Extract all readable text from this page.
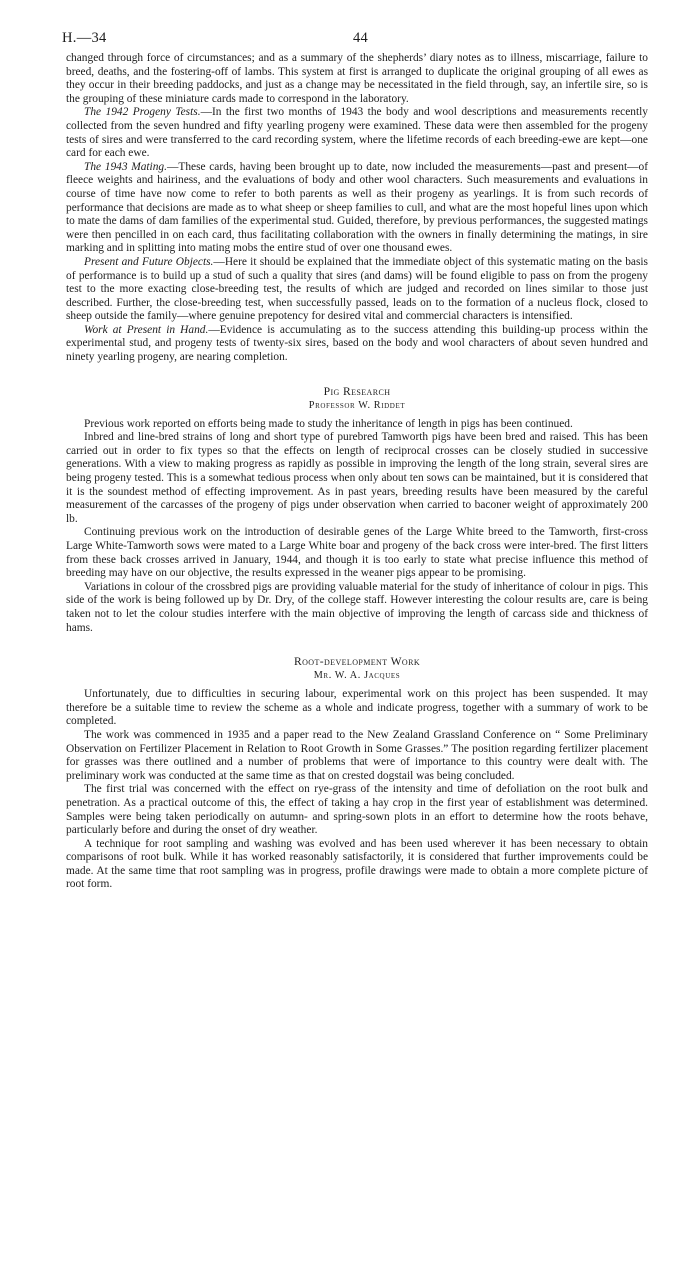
H.—34	44

changed through force of circumstances; and as a summary of the shepherds’ diary notes as to illness, miscarriage, failure to breed, deaths, and the fostering-off of lambs. This system at first is arranged to duplicate the original grouping of all ewes as they occur in their breeding paddocks, and just as a change may be necessitated in the field through, say, an infertile sire, so is the grouping of these miniature cards made to correspond in the laboratory.

The 1942 Progeny Tests.—In the first two months of 1943 the body and wool descriptions and measurements recently collected from the seven hundred and fifty yearling progeny were examined. These data were then assembled for the progeny tests of sires and were transferred to the card recording system, where the lifetime records of each breeding-ewe are kept—one card for each ewe.

The 1943 Mating.—These cards, having been brought up to date, now included the measurements—past and present—of fleece weights and hairiness, and the evaluations of body and other wool characters. Such measurements and evaluations in course of time have now come to refer to both parents as well as their progeny as yearlings. It is from such records of performance that decisions are made as to what sheep or sheep families to cull, and what are the most hopeful lines upon which to mate the dams of dam families of the experimental stud. Guided, therefore, by previous performances, the suggested matings were then pencilled in on each card, thus facilitating collaboration with the owners in finally determining the matings, in sire marking and in splitting into mating mobs the entire stud of over one thousand ewes.

Present and Future Objects.—Here it should be explained that the immediate object of this systematic mating on the basis of performance is to build up a stud of such a quality that sires (and dams) will be found eligible to pass on from the progeny test to the more exacting close-breeding test, the results of which are judged and recorded on lines similar to those just described. Further, the close-breeding test, when successfully passed, leads on to the formation of a nucleus flock, closed to sheep outside the family—where genuine prepotency for desired vital and commercial characters is intensified.

Work at Present in Hand.—Evidence is accumulating as to the success attending this building-up process within the experimental stud, and progeny tests of twenty-six sires, based on the body and wool characters of about seven hundred and ninety yearling progeny, are nearing completion.

Pig Research
Professor W. Riddet

Previous work reported on efforts being made to study the inheritance of length in pigs has been continued.

Inbred and line-bred strains of long and short type of purebred Tamworth pigs have been bred and raised. This has been carried out in order to fix types so that the effects on length of reciprocal crosses can be closely studied in successive generations. With a view to making progress as rapidly as possible in improving the length of the long strain, several sires are being progeny tested. This is a somewhat tedious process when only about ten sows can be maintained, but it is considered that it is the soundest method of effecting improvement. As in past years, breeding results have been measured by the careful measurement of the carcasses of the progeny of pigs under observation when carried to baconer weight of approximately 200 lb.

Continuing previous work on the introduction of desirable genes of the Large White breed to the Tamworth, first-cross Large White-Tamworth sows were mated to a Large White boar and progeny of the back cross were inter-bred. The first litters from these back crosses arrived in January, 1944, and though it is too early to state what precise influence this method of breeding may have on our objective, the results expressed in the weaner pigs appear to be promising.

Variations in colour of the crossbred pigs are providing valuable material for the study of inheritance of colour in pigs. This side of the work is being followed up by Dr. Dry, of the college staff. However interesting the colour results are, care is being taken not to let the colour studies interfere with the main objective of improving the length of carcass side and thickness of hams.

Root-development Work
Mr. W. A. Jacques

Unfortunately, due to difficulties in securing labour, experimental work on this project has been suspended. It may therefore be a suitable time to review the scheme as a whole and indicate progress, together with a summary of work to be completed.

The work was commenced in 1935 and a paper read to the New Zealand Grassland Conference on “ Some Preliminary Observation on Fertilizer Placement in Relation to Root Growth in Some Grasses.” The position regarding fertilizer placement for grasses was there outlined and a number of problems that were of importance to this country were dealt with. The preliminary work was conducted at the same time as that on crested dogstail was being concluded.

The first trial was concerned with the effect on rye-grass of the intensity and time of defoliation on the root bulk and penetration. As a practical outcome of this, the effect of taking a hay crop in the first year of establishment was determined. Samples were being taken periodically on autumn- and spring-sown plots in an effort to determine how the roots behave, particularly before and during the onset of dry weather.

A technique for root sampling and washing was evolved and has been used wherever it has been necessary to obtain comparisons of root bulk. While it has worked reasonably satisfactorily, it is considered that further improvements could be made. At the same time that root sampling was in progress, profile drawings were made to obtain a more complete picture of root form.
